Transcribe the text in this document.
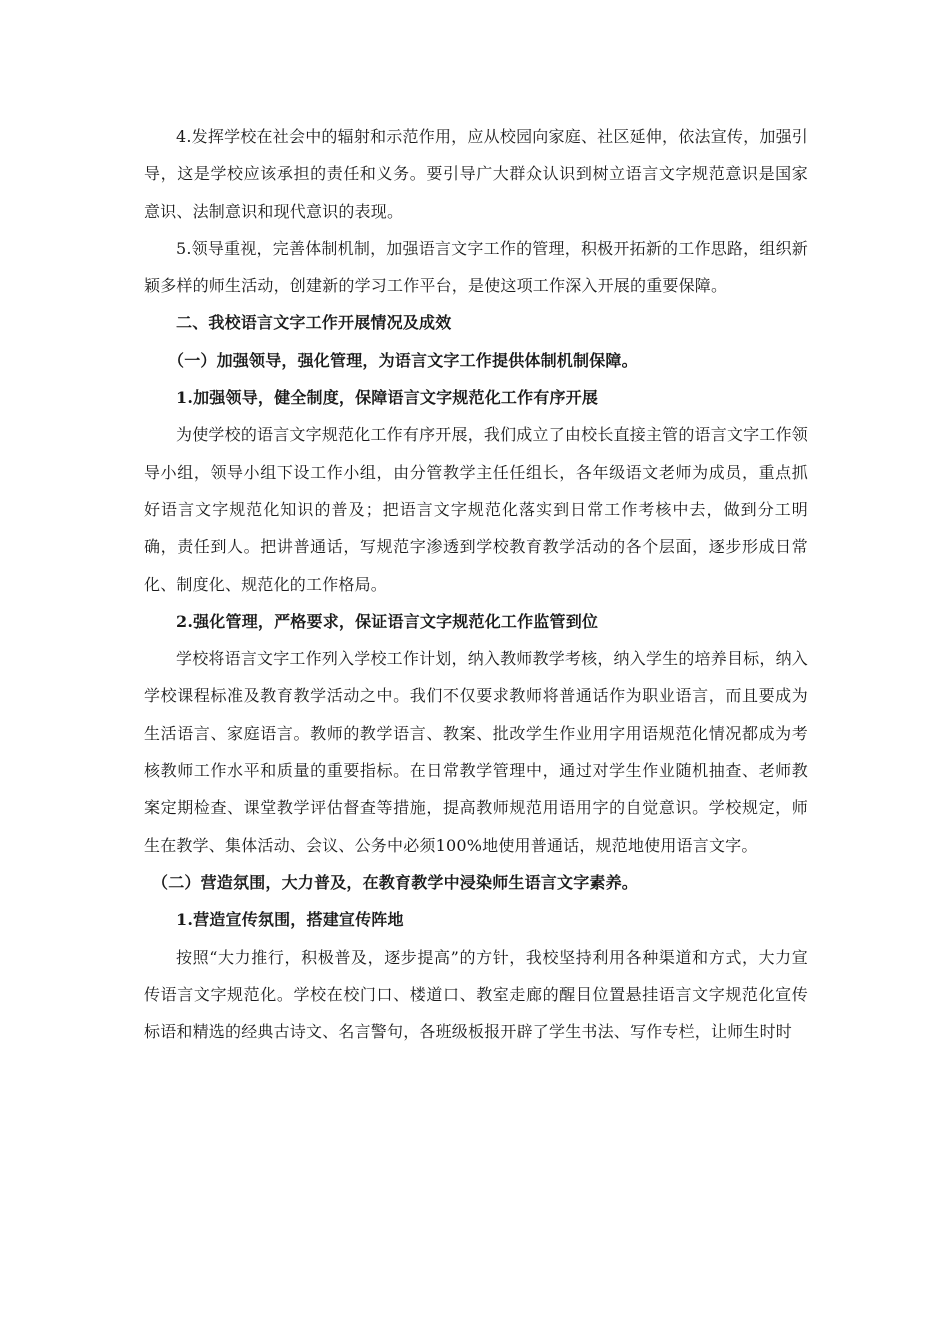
4.发挥学校在社会中的辐射和示范作用，应从校园向家庭、社区延伸，依法宣传，加强引导，这是学校应该承担的责任和义务。要引导广大群众认识到树立语言文字规范意识是国家意识、法制意识和现代意识的表现。

5.领导重视，完善体制机制，加强语言文字工作的管理，积极开拓新的工作思路，组织新颖多样的师生活动，创建新的学习工作平台，是使这项工作深入开展的重要保障。

二、我校语言文字工作开展情况及成效

（一）加强领导，强化管理，为语言文字工作提供体制机制保障。

1.加强领导，健全制度，保障语言文字规范化工作有序开展

为使学校的语言文字规范化工作有序开展，我们成立了由校长直接主管的语言文字工作领导小组，领导小组下设工作小组，由分管教学主任任组长，各年级语文老师为成员，重点抓好语言文字规范化知识的普及；把语言文字规范化落实到日常工作考核中去，做到分工明确，责任到人。把讲普通话，写规范字渗透到学校教育教学活动的各个层面，逐步形成日常化、制度化、规范化的工作格局。

2.强化管理，严格要求，保证语言文字规范化工作监管到位

学校将语言文字工作列入学校工作计划，纳入教师教学考核，纳入学生的培养目标，纳入学校课程标准及教育教学活动之中。我们不仅要求教师将普通话作为职业语言，而且要成为生活语言、家庭语言。教师的教学语言、教案、批改学生作业用字用语规范化情况都成为考核教师工作水平和质量的重要指标。在日常教学管理中，通过对学生作业随机抽查、老师教案定期检查、课堂教学评估督查等措施，提高教师规范用语用字的自觉意识。学校规定，师生在教学、集体活动、会议、公务中必须100%地使用普通话，规范地使用语言文字。

（二）营造氛围，大力普及，在教育教学中浸染师生语言文字素养。

1.营造宣传氛围，搭建宣传阵地

按照“大力推行，积极普及，逐步提高”的方针，我校坚持利用各种渠道和方式，大力宣传语言文字规范化。学校在校门口、楼道口、教室走廊的醒目位置悬挂语言文字规范化宣传标语和精选的经典古诗文、名言警句，各班级板报开辟了学生书法、写作专栏，让师生时时
